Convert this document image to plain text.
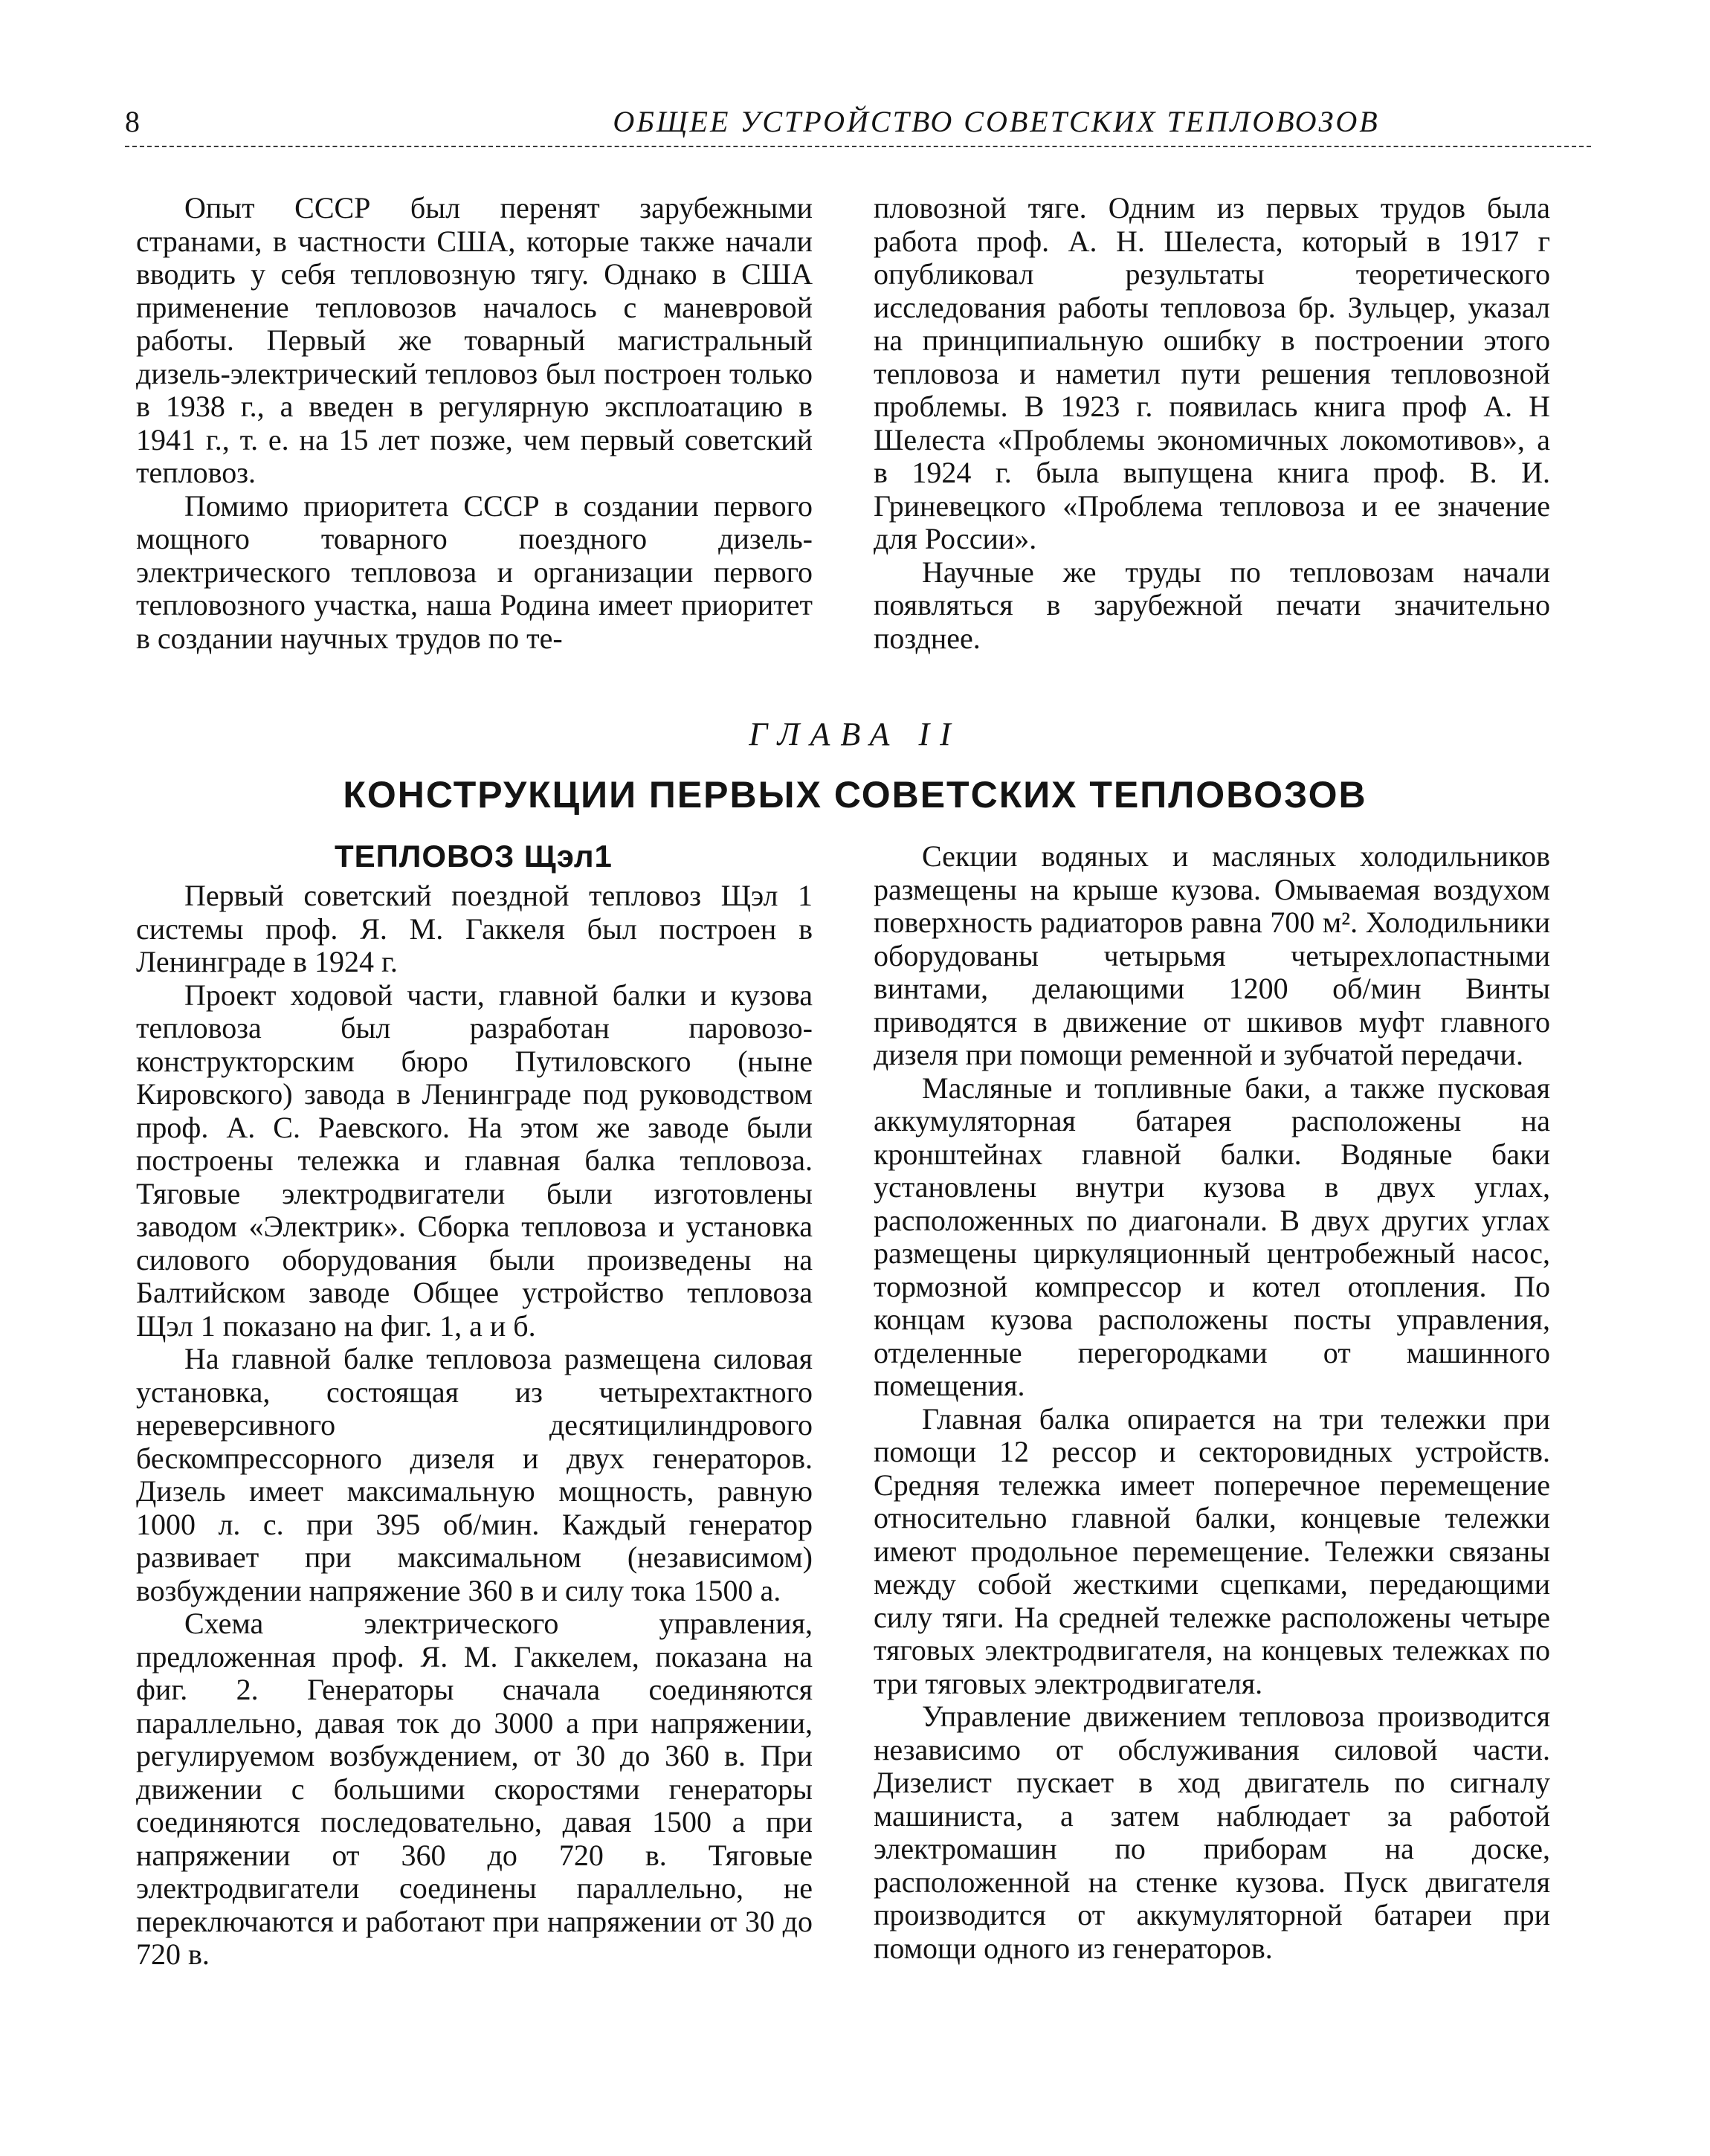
8	ОБЩЕЕ УСТРОЙСТВО СОВЕТСКИХ ТЕПЛОВОЗОВ

Опыт СССР был перенят зарубежными странами, в частности США, которые также начали вводить у себя тепловозную тягу. Однако в США применение тепловозов началось с маневровой работы. Первый же товарный магистральный дизель-электрический тепловоз был построен только в 1938 г., а введен в регулярную эксплоатацию в 1941 г., т. е. на 15 лет позже, чем первый советский тепловоз.

Помимо приоритета СССР в создании первого мощного товарного поездного дизель-электрического тепловоза и организации первого тепловозного участка, наша Родина имеет приоритет в создании научных трудов по те-

пловозной тяге. Одним из первых трудов была работа проф. А. Н. Шелеста, который в 1917 г опубликовал результаты теоретического исследования работы тепловоза бр. Зульцер, указал на принципиальную ошибку в построении этого тепловоза и наметил пути решения тепловозной проблемы. В 1923 г. появилась книга проф А. Н Шелеста «Проблемы экономичных локомотивов», а в 1924 г. была выпущена книга проф. В. И. Гриневецкого «Проблема тепловоза и ее значение для России».

Научные же труды по тепловозам начали появляться в зарубежной печати значительно позднее.

ГЛАВА II
КОНСТРУКЦИИ ПЕРВЫХ СОВЕТСКИХ ТЕПЛОВОЗОВ
ТЕПЛОВОЗ Щэл1

Первый советский поездной тепловоз Щэл 1 системы проф. Я. М. Гаккеля был построен в Ленинграде в 1924 г.

Проект ходовой части, главной балки и кузова тепловоза был разработан паровозо-конструкторским бюро Путиловского (ныне Кировского) завода в Ленинграде под руководством проф. А. С. Раевского. На этом же заводе были построены тележка и главная балка тепловоза. Тяговые электродвигатели были изготовлены заводом «Электрик». Сборка тепловоза и установка силового оборудования были произведены на Балтийском заводе Общее устройство тепловоза Щэл 1 показано на фиг. 1, а и б.

На главной балке тепловоза размещена силовая установка, состоящая из четырехтактного нереверсивного десятицилиндрового бескомпрессорного дизеля и двух генераторов. Дизель имеет максимальную мощность, равную 1000 л. с. при 395 об/мин. Каждый генератор развивает при максимальном (независимом) возбуждении напряжение 360 в и силу тока 1500 а.

Схема электрического управления, предложенная проф. Я. М. Гаккелем, показана на фиг. 2. Генераторы сначала соединяются параллельно, давая ток до 3000 а при напряжении, регулируемом возбуждением, от 30 до 360 в. При движении с большими скоростями генераторы соединяются последовательно, давая 1500 а при напряжении от 360 до 720 в. Тяговые электродвигатели соединены параллельно, не переключаются и работают при напряжении от 30 до 720 в.

Секции водяных и масляных холодильников размещены на крыше кузова. Омываемая воздухом поверхность радиаторов равна 700 м². Холодильники оборудованы четырьмя четырехлопастными винтами, делающими 1200 об/мин Винты приводятся в движение от шкивов муфт главного дизеля при помощи ременной и зубчатой передачи.

Масляные и топливные баки, а также пусковая аккумуляторная батарея расположены на кронштейнах главной балки. Водяные баки установлены внутри кузова в двух углах, расположенных по диагонали. В двух других углах размещены циркуляционный центробежный насос, тормозной компрессор и котел отопления. По концам кузова расположены посты управления, отделенные перегородками от машинного помещения.

Главная балка опирается на три тележки при помощи 12 рессор и секторовидных устройств. Средняя тележка имеет поперечное перемещение относительно главной балки, концевые тележки имеют продольное перемещение. Тележки связаны между собой жесткими сцепками, передающими силу тяги. На средней тележке расположены четыре тяговых электродвигателя, на концевых тележках по три тяговых электродвигателя.

Управление движением тепловоза производится независимо от обслуживания силовой части. Дизелист пускает в ход двигатель по сигналу машиниста, а затем наблюдает за работой электромашин по приборам на доске, расположенной на стенке кузова. Пуск двигателя производится от аккумуляторной батареи при помощи одного из генераторов.
